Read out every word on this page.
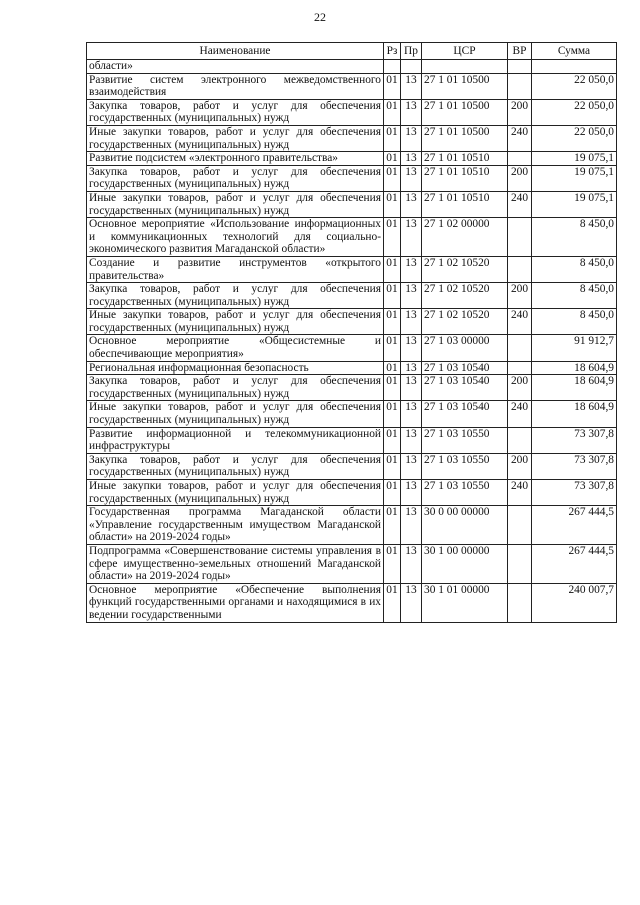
22
Наименование	Рз	Пр	ЦСР	ВР	Сумма
области»					
Развитие систем электронного межведомственного взаимодействия	01	13	27 1 01 10500		22 050,0
Закупка товаров, работ и услуг для обеспечения государственных (муниципальных) нужд	01	13	27 1 01 10500	200	22 050,0
Иные закупки товаров, работ и услуг для обеспечения государственных (муниципальных) нужд	01	13	27 1 01 10500	240	22 050,0
Развитие подсистем «электронного правительства»	01	13	27 1 01 10510		19 075,1
Закупка товаров, работ и услуг для обеспечения государственных (муниципальных) нужд	01	13	27 1 01 10510	200	19 075,1
Иные закупки товаров, работ и услуг для обеспечения государственных (муниципальных) нужд	01	13	27 1 01 10510	240	19 075,1
Основное мероприятие «Использование информационных и коммуникационных технологий для социально-экономического развития Магаданской области»	01	13	27 1 02 00000		8 450,0
Создание и развитие инструментов «открытого правительства»	01	13	27 1 02 10520		8 450,0
Закупка товаров, работ и услуг для обеспечения государственных (муниципальных) нужд	01	13	27 1 02 10520	200	8 450,0
Иные закупки товаров, работ и услуг для обеспечения государственных (муниципальных) нужд	01	13	27 1 02 10520	240	8 450,0
Основное мероприятие «Общесистемные и обеспечивающие мероприятия»	01	13	27 1 03 00000		91 912,7
Региональная информационная безопасность	01	13	27 1 03 10540		18 604,9
Закупка товаров, работ и услуг для обеспечения государственных (муниципальных) нужд	01	13	27 1 03 10540	200	18 604,9
Иные закупки товаров, работ и услуг для обеспечения государственных (муниципальных) нужд	01	13	27 1 03 10540	240	18 604,9
Развитие информационной и телекоммуникационной инфраструктуры	01	13	27 1 03 10550		73 307,8
Закупка товаров, работ и услуг для обеспечения государственных (муниципальных) нужд	01	13	27 1 03 10550	200	73 307,8
Иные закупки товаров, работ и услуг для обеспечения государственных (муниципальных) нужд	01	13	27 1 03 10550	240	73 307,8
Государственная программа Магаданской области «Управление государственным имуществом Магаданской области» на 2019-2024 годы»	01	13	30 0 00 00000		267 444,5
Подпрограмма «Совершенствование системы управления в сфере имущественно-земельных отношений Магаданской области» на 2019-2024 годы»	01	13	30 1 00 00000		267 444,5
Основное мероприятие «Обеспечение выполнения функций государственными органами и находящимися в их ведении государственными	01	13	30 1 01 00000		240 007,7
